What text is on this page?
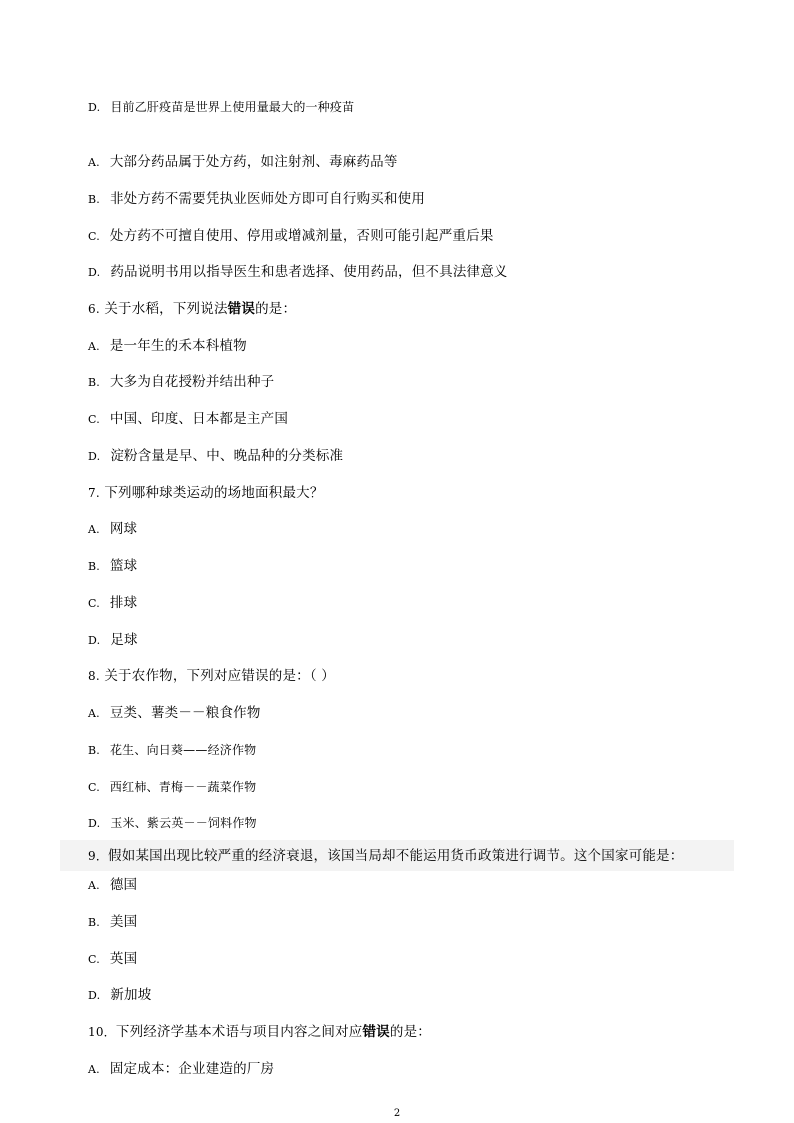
D. 目前乙肝疫苗是世界上使用量最大的一种疫苗
A. 大部分药品属于处方药，如注射剂、毒麻药品等
B. 非处方药不需要凭执业医师处方即可自行购买和使用
C. 处方药不可擅自使用、停用或增减剂量，否则可能引起严重后果
D. 药品说明书用以指导医生和患者选择、使用药品，但不具法律意义
6. 关于水稻，下列说法错误的是：
A. 是一年生的禾本科植物
B. 大多为自花授粉并结出种子
C. 中国、印度、日本都是主产国
D. 淀粉含量是早、中、晚品种的分类标准
7. 下列哪种球类运动的场地面积最大？
A. 网球
B. 篮球
C. 排球
D. 足球
8. 关于农作物，下列对应错误的是：（ ）
A. 豆类、薯类－－粮食作物
B. 花生、向日葵——经济作物
C. 西红柿、青梅－－蔬菜作物
D. 玉米、紫云英－－饲料作物
9．假如某国出现比较严重的经济衰退，该国当局却不能运用货币政策进行调节。这个国家可能是：
A. 德国
B. 美国
C. 英国
D. 新加坡
10．下列经济学基本术语与项目内容之间对应错误的是：
A. 固定成本：企业建造的厂房
2
